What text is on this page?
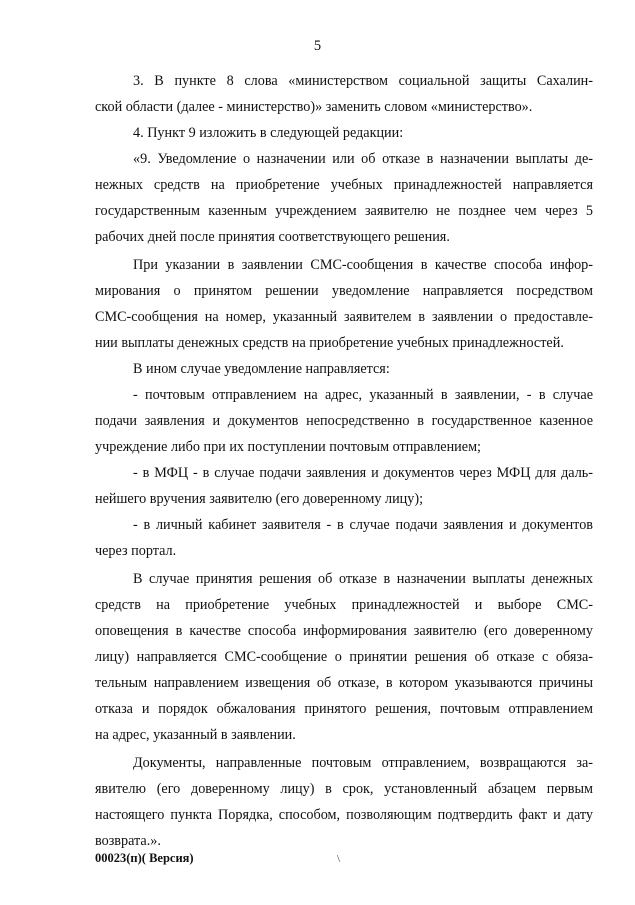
5
3. В пункте 8 слова «министерством социальной защиты Сахалин-
ской области (далее - министерство)» заменить словом «министерство».
4. Пункт 9 изложить в следующей редакции:
«9. Уведомление о назначении или об отказе в назначении выплаты де-
нежных средств на приобретение учебных принадлежностей направляется
государственным казенным учреждением заявителю не позднее чем через 5
рабочих дней после принятия соответствующего решения.
При указании в заявлении СМС-сообщения в качестве способа инфор-
мирования о принятом решении уведомление направляется посредством
СМС-сообщения на номер, указанный заявителем в заявлении о предоставле-
нии выплаты денежных средств на приобретение учебных принадлежностей.
В ином случае уведомление направляется:
- почтовым отправлением на адрес, указанный в заявлении, - в случае
подачи заявления и документов непосредственно в государственное казенное
учреждение либо при их поступлении почтовым отправлением;
- в МФЦ - в случае подачи заявления и документов через МФЦ для даль-
нейшего вручения заявителю (его доверенному лицу);
- в личный кабинет заявителя - в случае подачи заявления и документов
через портал.
В случае принятия решения об отказе в назначении выплаты денежных
средств на приобретение учебных принадлежностей и выборе СМС-
оповещения в качестве способа информирования заявителю (его доверенному
лицу) направляется СМС-сообщение о принятии решения об отказе с обяза-
тельным направлением извещения об отказе, в котором указываются причины
отказа и порядок обжалования принятого решения, почтовым отправлением
на адрес, указанный в заявлении.
Документы, направленные почтовым отправлением, возвращаются за-
явителю (его доверенному лицу) в срок, установленный абзацем первым
настоящего пункта Порядка, способом, позволяющим подтвердить факт и дату
возврата.».
00023(п)( Версия)	\
